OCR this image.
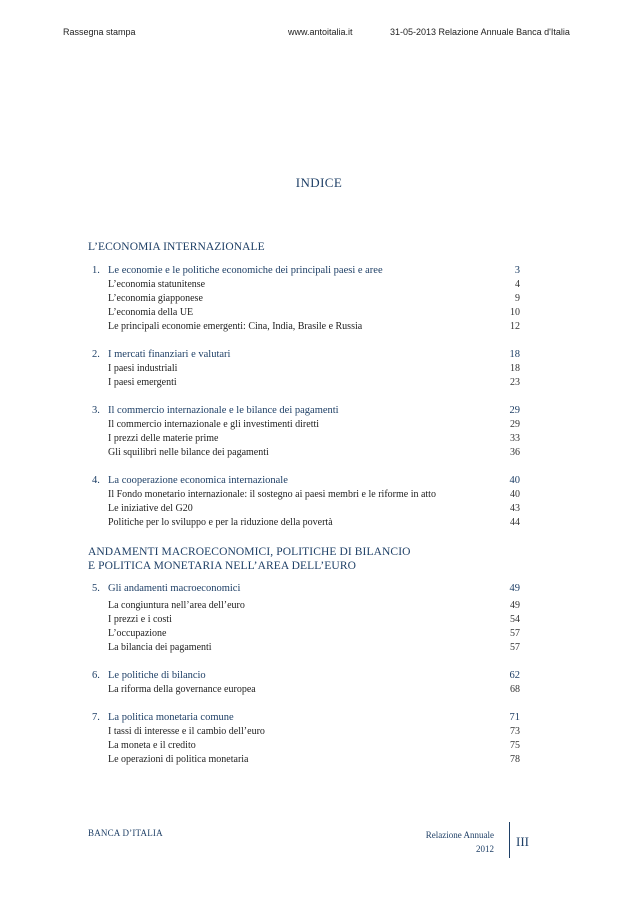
Rassegna stampa	www.antoitalia.it	31-05-2013 Relazione Annuale Banca d'Italia
INDICE
L’ECONOMIA INTERNAZIONALE
1. Le economie e le politiche economiche dei principali paesi e aree	3
L’economia statunitense	4
L’economia giapponese	9
L’economia della UE	10
Le principali economie emergenti: Cina, India, Brasile e Russia	12
2. I mercati finanziari e valutari	18
I paesi industriali	18
I paesi emergenti	23
3. Il commercio internazionale e le bilance dei pagamenti	29
Il commercio internazionale e gli investimenti diretti	29
I prezzi delle materie prime	33
Gli squilibri nelle bilance dei pagamenti	36
4. La cooperazione economica internazionale	40
Il Fondo monetario internazionale: il sostegno ai paesi membri e le riforme in atto	40
Le iniziative del G20	43
Politiche per lo sviluppo e per la riduzione della povertà	44
ANDAMENTI MACROECONOMICI, POLITICHE DI BILANCIO
E POLITICA MONETARIA NELL’AREA DELL’EURO
5. Gli andamenti macroeconomici	49
La congiuntura nell’area dell’euro	49
I prezzi e i costi	54
L’occupazione	57
La bilancia dei pagamenti	57
6. Le politiche di bilancio	62
La riforma della governance europea	68
7. La politica monetaria comune	71
I tassi di interesse e il cambio dell’euro	73
La moneta e il credito	75
Le operazioni di politica monetaria	78
BANCA D’ITALIA	Relazione Annuale
2012 III
